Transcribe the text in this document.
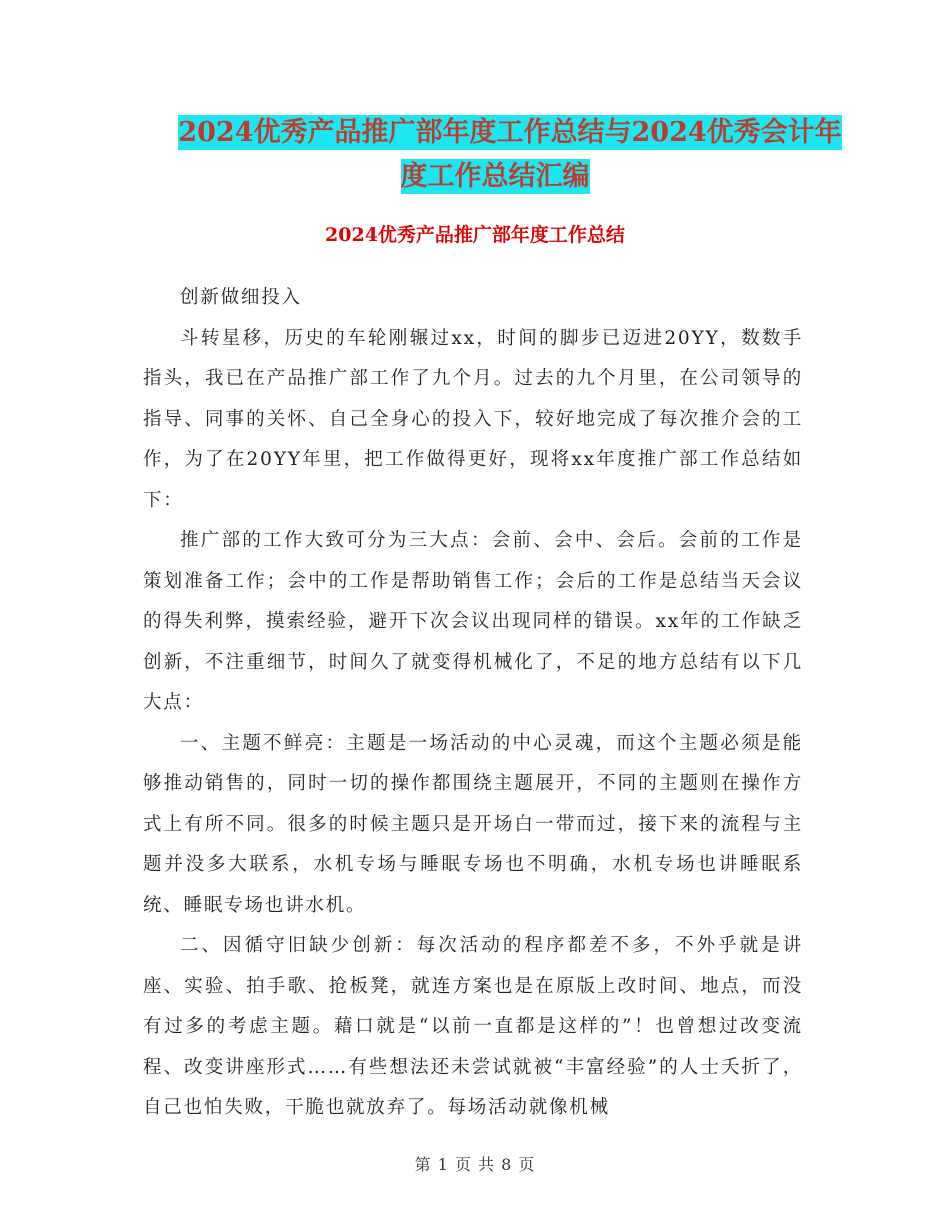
2024优秀产品推广部年度工作总结与2024优秀会计年
度工作总结汇编
2024优秀产品推广部年度工作总结

创新做细投入

斗转星移，历史的车轮刚辗过xx，时间的脚步已迈进20YY，数数手指头，我已在产品推广部工作了九个月。过去的九个月里，在公司领导的指导、同事的关怀、自己全身心的投入下，较好地完成了每次推介会的工作，为了在20YY年里，把工作做得更好，现将xx年度推广部工作总结如下：

推广部的工作大致可分为三大点：会前、会中、会后。会前的工作是策划准备工作；会中的工作是帮助销售工作；会后的工作是总结当天会议的得失利弊，摸索经验，避开下次会议出现同样的错误。xx年的工作缺乏创新，不注重细节，时间久了就变得机械化了，不足的地方总结有以下几大点：

一、主题不鲜亮：主题是一场活动的中心灵魂，而这个主题必须是能够推动销售的，同时一切的操作都围绕主题展开，不同的主题则在操作方式上有所不同。很多的时候主题只是开场白一带而过，接下来的流程与主题并没多大联系，水机专场与睡眠专场也不明确，水机专场也讲睡眠系统、睡眠专场也讲水机。

二、因循守旧缺少创新：每次活动的程序都差不多，不外乎就是讲座、实验、拍手歌、抢板凳，就连方案也是在原版上改时间、地点，而没有过多的考虑主题。藉口就是“以前一直都是这样的”！也曾想过改变流程、改变讲座形式……有些想法还未尝试就被“丰富经验”的人士夭折了，自己也怕失败，干脆也就放弃了。每场活动就像机械

第 1 页 共 8 页
